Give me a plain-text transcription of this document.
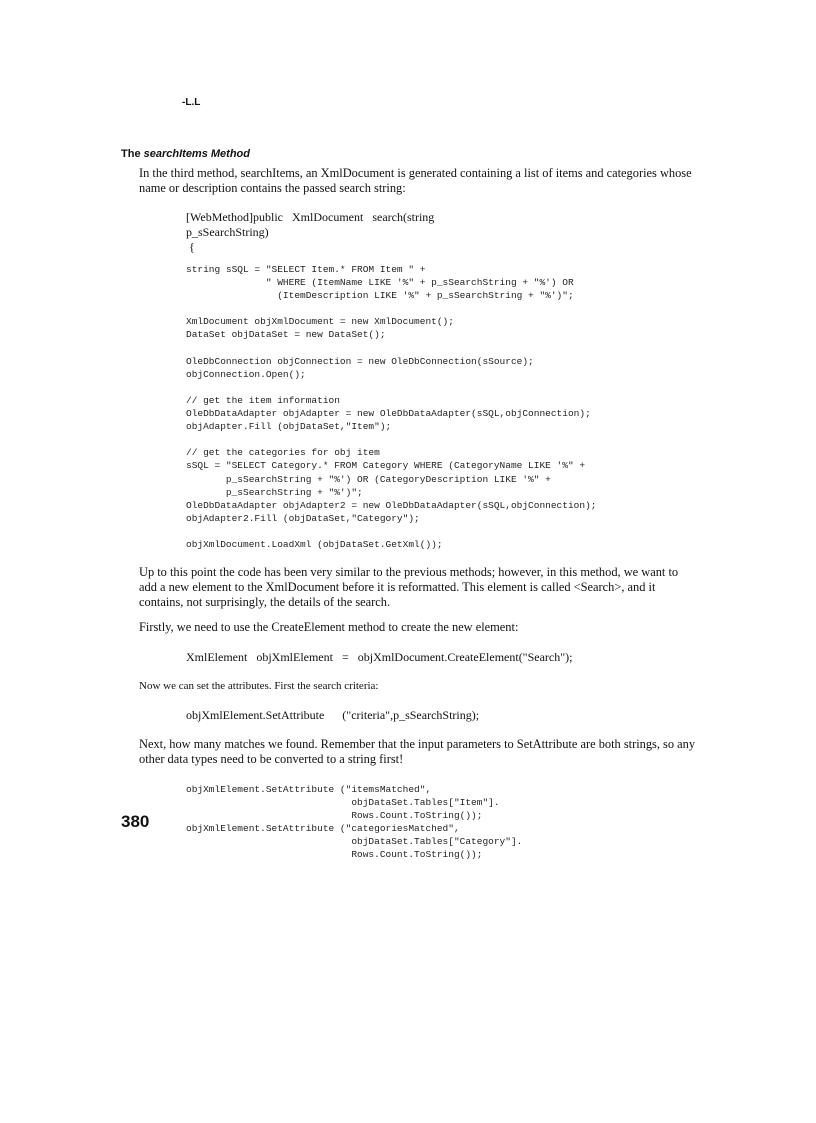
-L.L
The searchItems Method
In the third method, searchItems, an XmlDocument is generated containing a list of items and categories whose name or description contains the passed search string:
[WebMethod]public   XmlDocument   search(string
p_sSearchString)
{
string sSQL = "SELECT Item.* FROM Item " +
" WHERE (ItemName LIKE '%" + p_sSearchString + "%') OR
(ItemDescription LIKE '%" + p_sSearchString + "%')";

XmlDocument objXmlDocument = new XmlDocument();
DataSet objDataSet = new DataSet();

OleDbConnection objConnection = new OleDbConnection(sSource);
objConnection.Open();

// get the item information
OleDbDataAdapter objAdapter = new OleDbDataAdapter(sSQL,objConnection);
objAdapter.Fill (objDataSet,"Item");

// get the categories for obj item
sSQL = "SELECT Category.* FROM Category WHERE (CategoryName LIKE '%" +
p_sSearchString + "%') OR (CategoryDescription LIKE '%" +
p_sSearchString + "%')";
OleDbDataAdapter objAdapter2 = new OleDbDataAdapter(sSQL,objConnection);
objAdapter2.Fill (objDataSet,"Category");

objXmlDocument.LoadXml (objDataSet.GetXml());
Up to this point the code has been very similar to the previous methods; however, in this method, we want to add a new element to the XmlDocument before it is reformatted. This element is called <Search>, and it contains, not surprisingly, the details of the search.
Firstly, we need to use the CreateElement method to create the new element:
XmlElement   objXmlElement   =   objXmlDocument.CreateElement("Search");
Now we can set the attributes. First the search criteria:
objXmlElement.SetAttribute      ("criteria",p_sSearchString);
Next, how many matches we found. Remember that the input parameters to SetAttribute are both strings, so any other data types need to be converted to a string first!
objXmlElement.SetAttribute ("itemsMatched",
objDataSet.Tables["Item"].
Rows.Count.ToString());
objXmlElement.SetAttribute ("categoriesMatched",
objDataSet.Tables["Category"].
Rows.Count.ToString());
380
